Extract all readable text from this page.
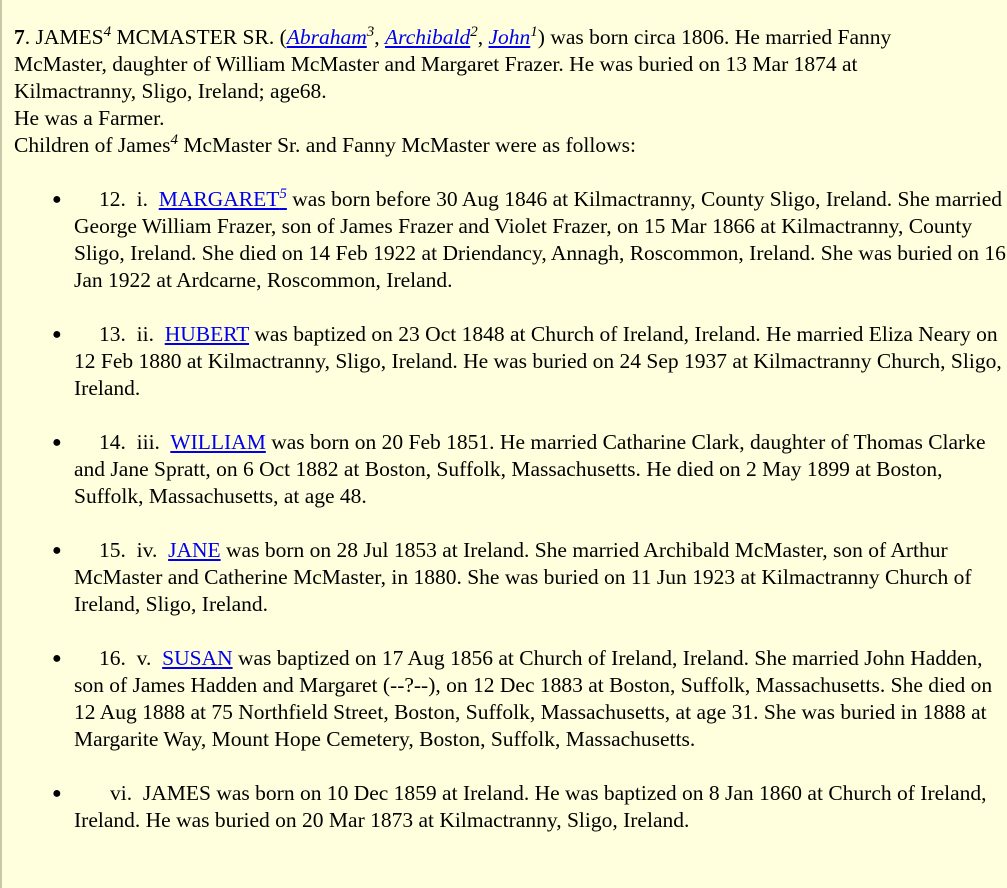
7. JAMES$^4$ MCMASTER SR. (Abraham$^3$, Archibald$^2$, John$^1$) was born circa 1806. He married Fanny

McMaster, daughter of William McMaster and Margaret Frazer. He was buried on 13 Mar 1874 at

Kilmactranny, Sligo, Ireland; age68.

He was a Farmer.

Children of James$^4$ McMaster Sr. and Fanny McMaster were as follows:

● 12.  i.  MARGARET$^5$ was born before 30 Aug 1846 at Kilmactranny, County Sligo, Ireland. She married George William Frazer, son of James Frazer and Violet Frazer, on 15 Mar 1866 at Kilmactranny, County Sligo, Ireland. She died on 14 Feb 1922 at Driendancy, Annagh, Roscommon, Ireland. She was buried on 16 Jan 1922 at Ardcarne, Roscommon, Ireland.
● 13.  ii.  HUBERT was baptized on 23 Oct 1848 at Church of Ireland, Ireland. He married Eliza Neary on 12 Feb 1880 at Kilmactranny, Sligo, Ireland. He was buried on 24 Sep 1937 at Kilmactranny Church, Sligo, Ireland.
● 14.  iii.  WILLIAM was born on 20 Feb 1851. He married Catharine Clark, daughter of Thomas Clarke and Jane Spratt, on 6 Oct 1882 at Boston, Suffolk, Massachusetts. He died on 2 May 1899 at Boston, Suffolk, Massachusetts, at age 48.
● 15.  iv.  JANE was born on 28 Jul 1853 at Ireland. She married Archibald McMaster, son of Arthur McMaster and Catherine McMaster, in 1880. She was buried on 11 Jun 1923 at Kilmactranny Church of Ireland, Sligo, Ireland.
● 16.  v.  SUSAN was baptized on 17 Aug 1856 at Church of Ireland, Ireland. She married John Hadden, son of James Hadden and Margaret (--?--), on 12 Dec 1883 at Boston, Suffolk, Massachusetts. She died on 12 Aug 1888 at 75 Northfield Street, Boston, Suffolk, Massachusetts, at age 31. She was buried in 1888 at Margarite Way, Mount Hope Cemetery, Boston, Suffolk, Massachusetts.
● vi.  JAMES was born on 10 Dec 1859 at Ireland. He was baptized on 8 Jan 1860 at Church of Ireland, Ireland. He was buried on 20 Mar 1873 at Kilmactranny, Sligo, Ireland.
